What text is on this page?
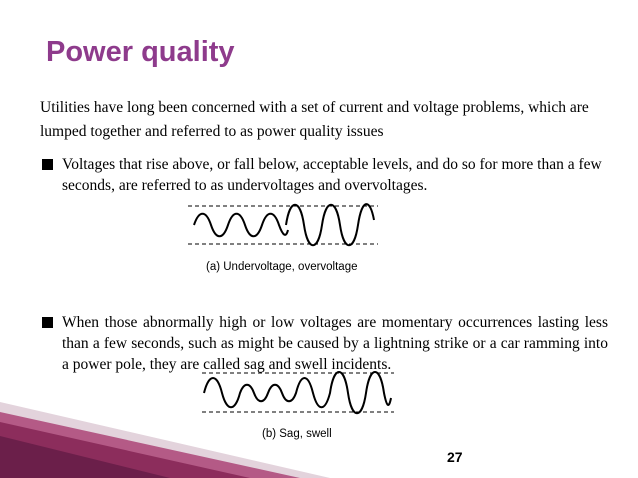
Power quality
Utilities have long been concerned with a set of current and voltage problems, which are lumped together and referred to as power quality issues
Voltages that rise above, or fall below, acceptable levels, and do so for more than a few seconds, are referred to as undervoltages and overvoltages.
(a) Undervoltage, overvoltage
When those abnormally high or low voltages are momentary occurrences lasting less than a few seconds, such as might be caused by a lightning strike or a car ramming into a power pole, they are called sag and swell incidents.
(b) Sag, swell
27
